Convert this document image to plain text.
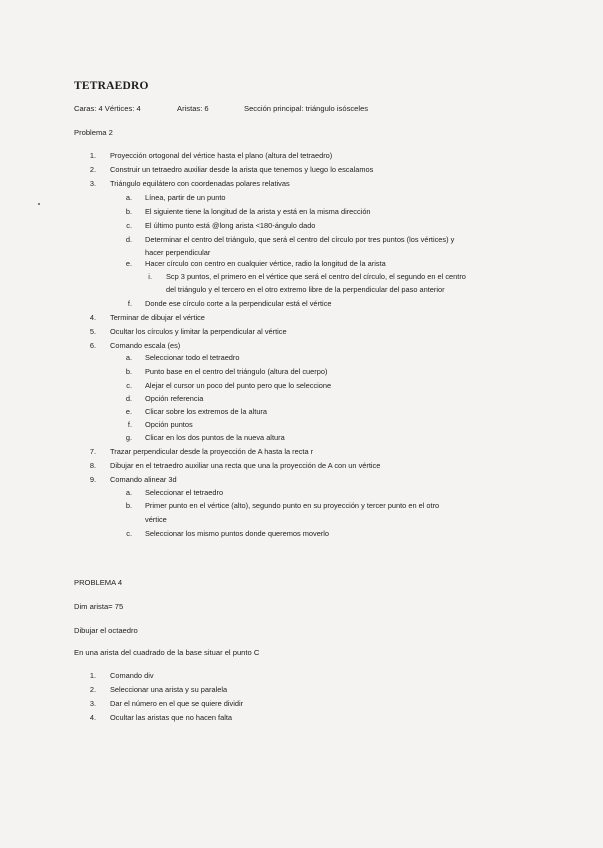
TETRAEDRO
Caras: 4 Vértices: 4	Aristas: 6	Sección principal: triángulo isósceles
Problema 2
1. Proyección ortogonal del vértice hasta el plano (altura del tetraedro)
2. Construir un tetraedro auxiliar desde la arista que tenemos y luego lo escalamos
3. Triángulo equilátero con coordenadas polares relativas
a. Línea, partir de un punto
b. El siguiente tiene la longitud de la arista y está en la misma dirección
c. El último punto está @long arista <180-ángulo dado
d. Determinar el centro del triángulo, que será el centro del círculo por tres puntos (los vértices) y
hacer perpendicular
e. Hacer círculo con centro en cualquier vértice, radio la longitud de la arista
i. Scp 3 puntos, el primero en el vértice que será el centro del círculo, el segundo en el centro
del triángulo y el tercero en el otro extremo libre de la perpendicular del paso anterior
f. Donde ese círculo corte a la perpendicular está el vértice
4. Terminar de dibujar el vértice
5. Ocultar los círculos y limitar la perpendicular al vértice
6. Comando escala (es)
a. Seleccionar todo el tetraedro
b. Punto base en el centro del triángulo (altura del cuerpo)
c. Alejar el cursor un poco del punto pero que lo seleccione
d. Opción referencia
e. Clicar sobre los extremos de la altura
f. Opción puntos
g. Clicar en los dos puntos de la nueva altura
7. Trazar perpendicular desde la proyección de A hasta la recta r
8. Dibujar en el tetraedro auxiliar una recta que una la proyección de A con un vértice
9. Comando alinear 3d
a. Seleccionar el tetraedro
b. Primer punto en el vértice (alto), segundo punto en su proyección y tercer punto en el otro
vértice
c. Seleccionar los mismo puntos donde queremos moverlo
PROBLEMA 4
Dim arista= 75
Dibujar el octaedro
En una arista del cuadrado de la base situar el punto C
1. Comando div
2. Seleccionar una arista y su paralela
3. Dar el número en el que se quiere dividir
4. Ocultar las aristas que no hacen falta
